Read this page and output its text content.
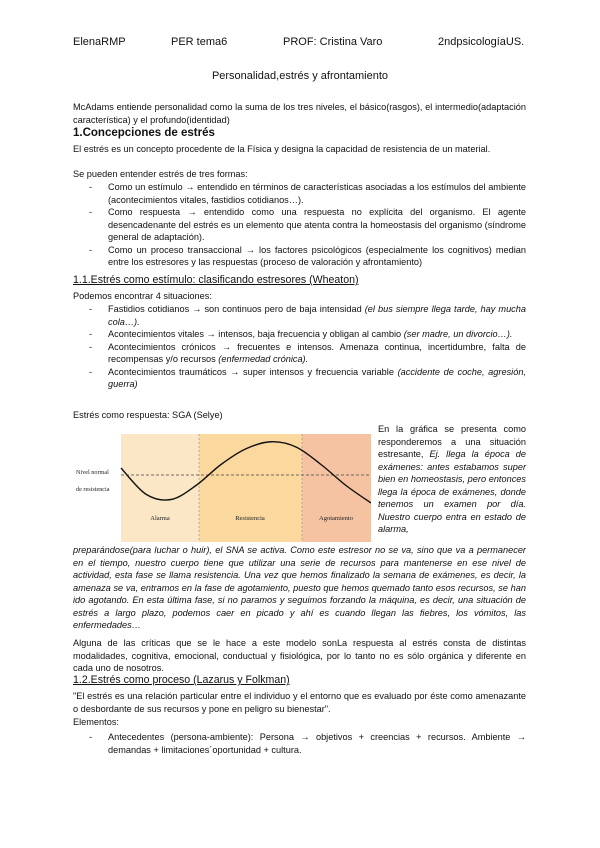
ElenaRMP	PER tema6	PROF: Cristina Varo	2ndpsicologíaUS.
Personalidad,estrés y afrontamiento
McAdams entiende personalidad como la suma de los tres niveles, el básico(rasgos), el intermedio(adaptación característica) y el profundo(identidad)
1.Concepciones de estrés
El estrés es un concepto procedente de la Física y designa la capacidad de resistencia de un material.
Se pueden entender estrés de tres formas:
- Como un estímulo → entendido en términos de características asociadas a los estímulos del ambiente (acontecimientos vitales, fastidios cotidianos…).
- Como respuesta → entendido como una respuesta no explícita del organismo. El agente desencadenante del estrés es un elemento que atenta contra la homeostasis del organismo (síndrome general de adaptación).
- Como un proceso transaccional → los factores psicológicos (especialmente los cognitivos) median entre los estresores y las respuestas (proceso de valoración y afrontamiento)
1.1.Estrés como estímulo: clasificando estresores (Wheaton)
Podemos encontrar 4 situaciones:
- Fastidios cotidianos → son continuos pero de baja intensidad (el bus siempre llega tarde, hay mucha cola…).
- Acontecimientos vitales → intensos, baja frecuencia y obligan al cambio (ser madre, un divorcio…).
- Acontecimientos crónicos → frecuentes e intensos. Amenaza continua, incertidumbre, falta de recompensas y/o recursos (enfermedad crónica).
- Acontecimientos traumáticos → super intensos y frecuencia variable (accidente de coche, agresión, guerra)
Estrés como respuesta: SGA (Selye)
Nivel normal
de resistencia
Alarma	Resistencia	Agotamiento
En la gráfica se presenta como responderemos a una situación estresante, Ej. llega la época de exámenes: antes estabamos super bien en homeostasis, pero entonces llega la época de exámenes, donde tenemos un examen por día. Nuestro cuerpo entra en estado de alarma,
preparándose(para luchar o huir), el SNA se activa. Como este estresor no se va, sino que va a permanecer en el tiempo, nuestro cuerpo tiene que utilizar una serie de recursos para mantenerse en ese nivel de actividad, esta fase se llama resistencia. Una vez que hemos finalizado la semana de exámenes, es decir, la amenaza se va, entramos en la fase de agotamiento, puesto que hemos quemado tanto esos recursos, se han ido agotando. En esta última fase, si no paramos y seguimos forzando la máquina, es decir, una situación de estrés a largo plazo, podemos caer en picado y ahí es cuando llegan las fiebres, los vómitos, las enfermedades…
Alguna de las críticas que se le hace a este modelo sonLa respuesta al estrés consta de distintas modalidades, cognitiva, emocional, conductual y fisiológica, por lo tanto no es sólo orgánica y diferente en cada uno de nosotros.
1.2.Estrés como proceso (Lazarus y Folkman)
"El estrés es una relación particular entre el individuo y el entorno que es evaluado por éste como amenazante o desbordante de sus recursos y pone en peligro su bienestar".
Elementos:
- Antecedentes (persona-ambiente): Persona → objetivos + creencias + recursos. Ambiente → demandas + limitaciones´oportunidad + cultura.
